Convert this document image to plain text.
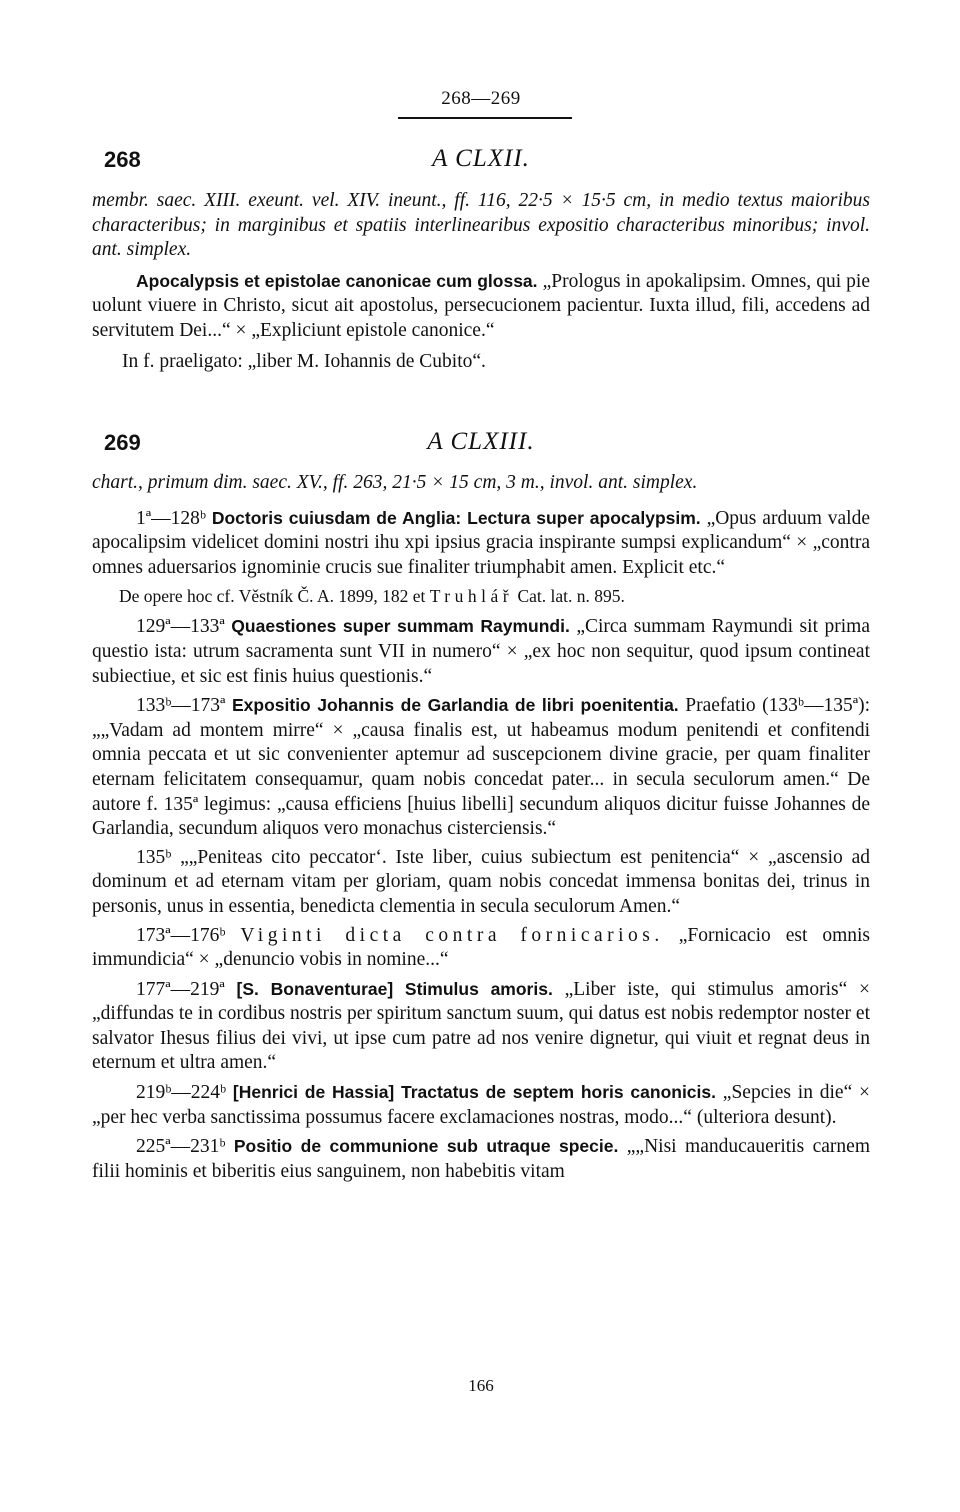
268—269
268	A CLXII.
membr. saec. XIII. exeunt. vel. XIV. ineunt., ff. 116, 22·5 × 15·5 cm, in medio textus maioribus characteribus; in marginibus et spatiis interlinearibus expositio characteribus minoribus; invol. ant. simplex.

Apocalypsis et epistolae canonicae cum glossa. „Prologus in apokalipsim. Omnes, qui pie uolunt viuere in Christo, sicut ait apostolus, persecucionem pacientur. Iuxta illud, fili, accedens ad servitutem Dei...“ × „Expliciunt epistole canonice.“

In f. praeligato: „liber M. Iohannis de Cubito“.

269	A CLXIII.
chart., primum dim. saec. XV., ff. 263, 21·5 × 15 cm, 3 m., invol. ant. simplex.

1ª—128ᵇ Doctoris cuiusdam de Anglia: Lectura super apocalypsim. „Opus arduum valde apocalipsim videlicet domini nostri ihu xpi ipsius gracia inspirante sumpsi explicandum“ × „contra omnes aduersarios ignominie crucis sue finaliter triumphabit amen. Explicit etc.“

De opere hoc cf. Věstník Č. A. 1899, 182 et Truhlář Cat. lat. n. 895.

129ª—133ª Quaestiones super summam Raymundi. „Circa summam Raymundi sit prima questio ista: utrum sacramenta sunt VII in numero“ × „ex hoc non sequitur, quod ipsum contineat subiectiue, et sic est finis huius questionis.“

133ᵇ—173ª Expositio Johannis de Garlandia de libri poenitentia. Praefatio (133ᵇ—135ª): „„Vadam ad montem mirre“ × „causa finalis est, ut habeamus modum penitendi et confitendi omnia peccata et ut sic convenienter aptemur ad suscepcionem divine gracie, per quam finaliter eternam felicitatem consequamur, quam nobis concedat pater... in secula seculorum amen.“ De autore f. 135ª legimus: „causa efficiens [huius libelli] secundum aliquos dicitur fuisse Johannes de Garlandia, secundum aliquos vero monachus cisterciensis.“

135ᵇ „„Peniteas cito peccator‘. Iste liber, cuius subiectum est penitencia“ × „ascensio ad dominum et ad eternam vitam per gloriam, quam nobis concedat immensa bonitas dei, trinus in personis, unus in essentia, benedicta clementia in secula seculorum Amen.“

173ª—176ᵇ Viginti dicta contra fornicarios. „Fornicacio est omnis immundicia“ × „denuncio vobis in nomine...“

177ª—219ª [S. Bonaventurae] Stimulus amoris. „Liber iste, qui stimulus amoris“ × „diffundas te in cordibus nostris per spiritum sanctum suum, qui datus est nobis redemptor noster et salvator Ihesus filius dei vivi, ut ipse cum patre ad nos venire dignetur, qui viuit et regnat deus in eternum et ultra amen.“

219ᵇ—224ᵇ [Henrici de Hassia] Tractatus de septem horis canonicis. „Sepcies in die“ × „per hec verba sanctissima possumus facere exclamaciones nostras, modo...“ (ulteriora desunt).

225ª—231ᵇ Positio de communione sub utraque specie. „„Nisi manducaueritis carnem filii hominis et biberitis eius sanguinem, non habebitis vitam

166
